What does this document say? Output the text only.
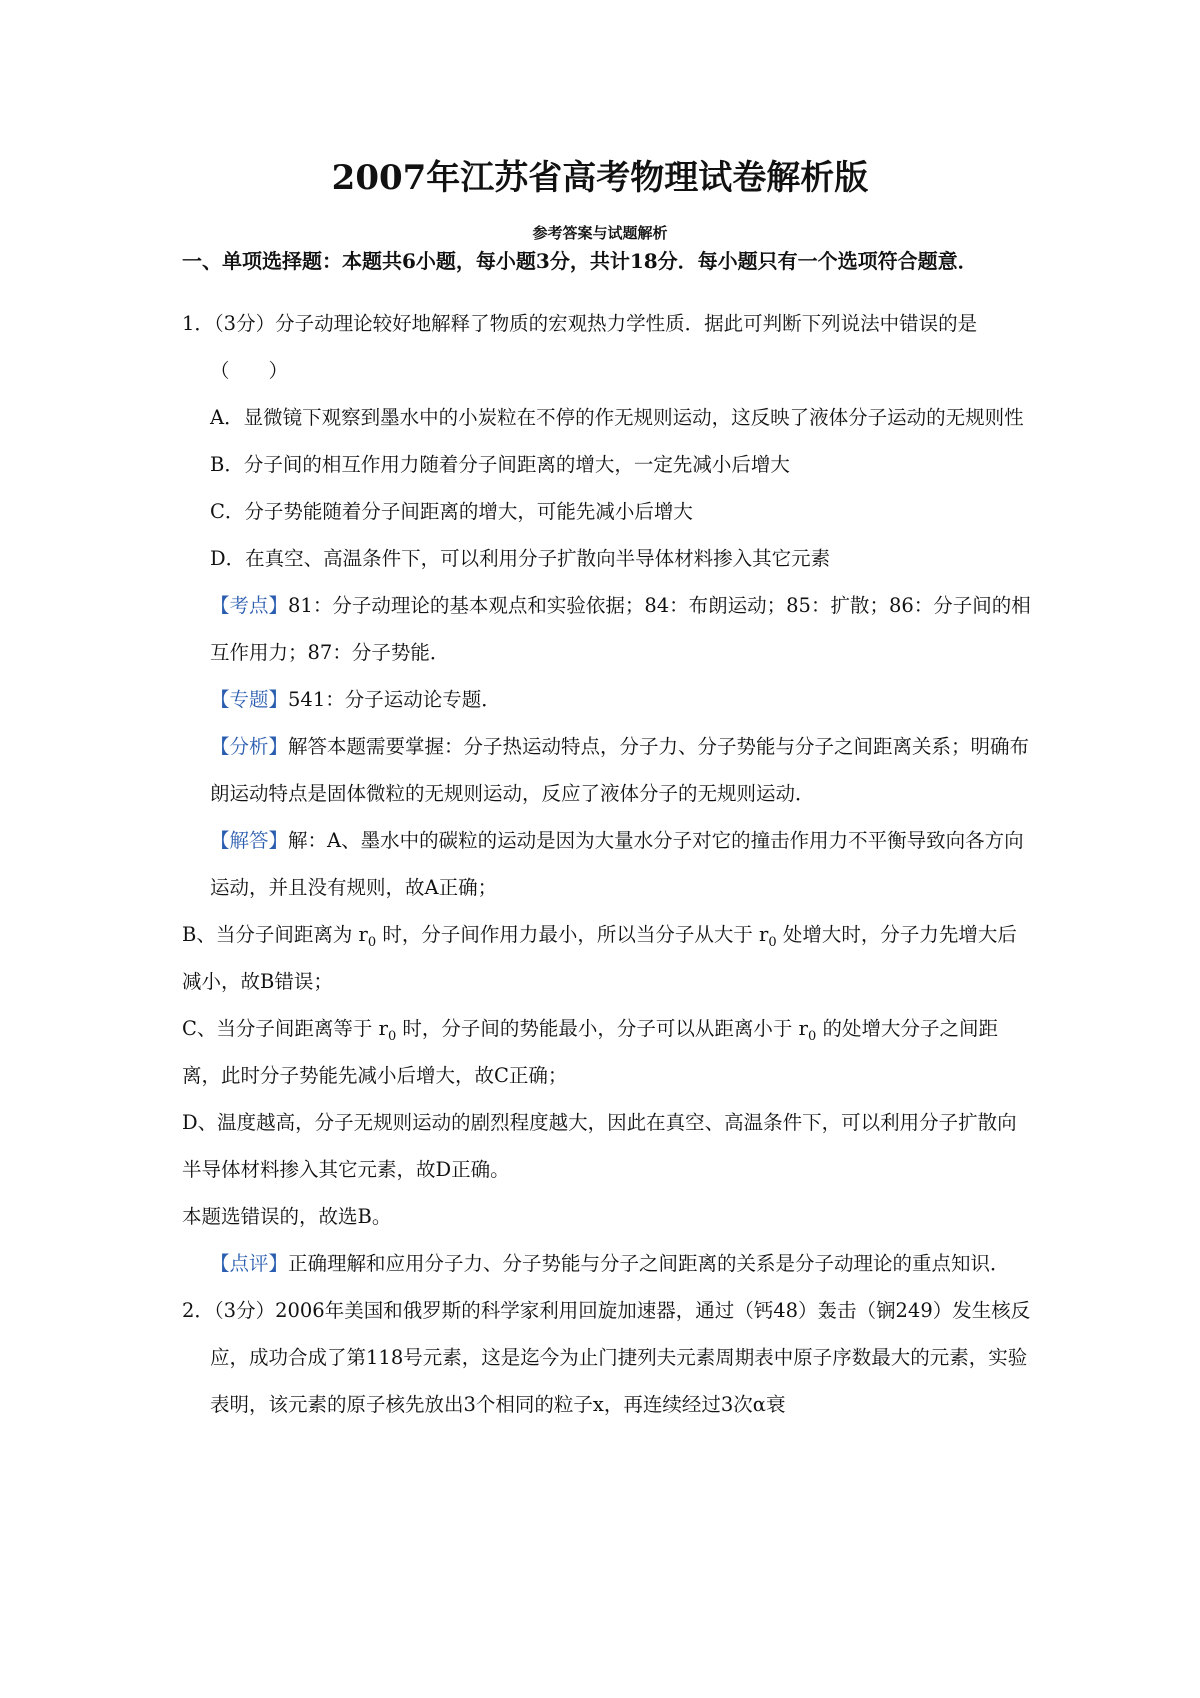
2007年江苏省高考物理试卷解析版
参考答案与试题解析
一、单项选择题：本题共6小题，每小题3分，共计18分．每小题只有一个选项符合题意．

1．（3分）分子动理论较好地解释了物质的宏观热力学性质．据此可判断下列说法中错误的是（　　）

A．显微镜下观察到墨水中的小炭粒在不停的作无规则运动，这反映了液体分子运动的无规则性

B．分子间的相互作用力随着分子间距离的增大，一定先减小后增大

C．分子势能随着分子间距离的增大，可能先减小后增大

D．在真空、高温条件下，可以利用分子扩散向半导体材料掺入其它元素

【考点】81：分子动理论的基本观点和实验依据；84：布朗运动；85：扩散；86：分子间的相互作用力；87：分子势能．

【专题】541：分子运动论专题．

【分析】解答本题需要掌握：分子热运动特点，分子力、分子势能与分子之间距离关系；明确布朗运动特点是固体微粒的无规则运动，反应了液体分子的无规则运动．

【解答】解：A、墨水中的碳粒的运动是因为大量水分子对它的撞击作用力不平衡导致向各方向运动，并且没有规则，故A正确；

B、当分子间距离为 $r_0$ 时，分子间作用力最小，所以当分子从大于 $r_0$ 处增大时，分子力先增大后减小，故B错误；

C、当分子间距离等于 $r_0$ 时，分子间的势能最小，分子可以从距离小于 $r_0$ 的处增大分子之间距离，此时分子势能先减小后增大，故C正确；

D、温度越高，分子无规则运动的剧烈程度越大，因此在真空、高温条件下，可以利用分子扩散向半导体材料掺入其它元素，故D正确。

本题选错误的，故选B。

【点评】正确理解和应用分子力、分子势能与分子之间距离的关系是分子动理论的重点知识．

2．（3分）2006年美国和俄罗斯的科学家利用回旋加速器，通过（钙48）轰击（锎249）发生核反应，成功合成了第118号元素，这是迄今为止门捷列夫元素周期表中原子序数最大的元素，实验表明，该元素的原子核先放出3个相同的粒子x，再连续经过3次α衰
